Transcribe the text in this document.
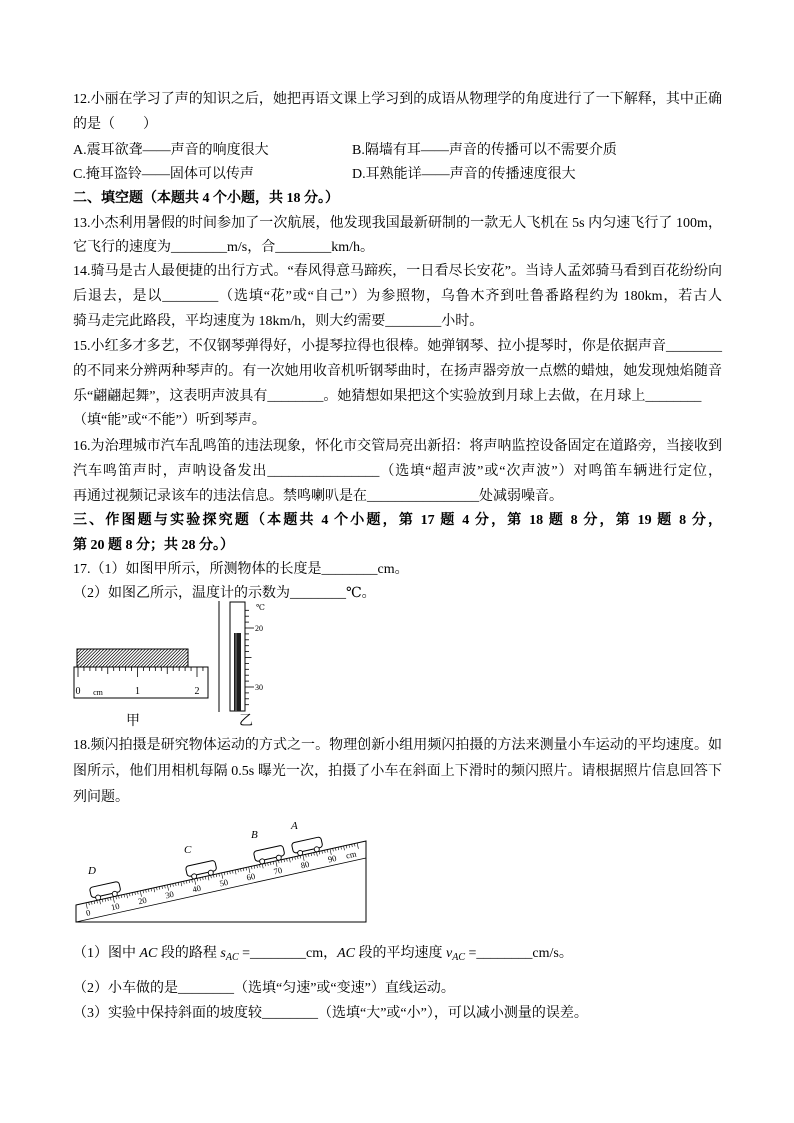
12.小丽在学习了声的知识之后，她把再语文课上学习到的成语从物理学的角度进行了一下解释，其中正确
的是（　　）
A.震耳欲聋——声音的响度很大	B.隔墙有耳——声音的传播可以不需要介质
C.掩耳盗铃——固体可以传声	D.耳熟能详——声音的传播速度很大
二、填空题（本题共 4 个小题，共 18 分。）
13.小杰利用暑假的时间参加了一次航展，他发现我国最新研制的一款无人飞机在 5s 内匀速飞行了 100m，
它飞行的速度为________m/s，合________km/h。
14.骑马是古人最便捷的出行方式。“春风得意马蹄疾，一日看尽长安花”。当诗人孟郊骑马看到百花纷纷向
后退去，是以________（选填“花”或“自己”）为参照物，乌鲁木齐到吐鲁番路程约为 180km，若古人
骑马走完此路段，平均速度为 18km/h，则大约需要________小时。
15.小红多才多艺，不仅钢琴弹得好，小提琴拉得也很棒。她弹钢琴、拉小提琴时，你是依据声音________
的不同来分辨两种琴声的。有一次她用收音机听钢琴曲时，在扬声器旁放一点燃的蜡烛，她发现烛焰随音
乐“翩翩起舞”，这表明声波具有________。她猜想如果把这个实验放到月球上去做，在月球上________
（填“能”或“不能”）听到琴声。
16.为治理城市汽车乱鸣笛的违法现象，怀化市交管局亮出新招：将声呐监控设备固定在道路旁，当接收到
汽车鸣笛声时，声呐设备发出________________（选填“超声波”或“次声波”）对鸣笛车辆进行定位，
再通过视频记录该车的违法信息。禁鸣喇叭是在________________处减弱噪音。
三、作图题与实验探究题（本题共 4 个小题，第 17 题 4 分，第 18 题 8 分，第 19 题 8 分，
第 20 题 8 分；共 28 分。）
17.（1）如图甲所示，所测物体的长度是________cm。
（2）如图乙所示，温度计的示数为________℃。
0 cm	1	2
℃
20
30
甲	乙
18.频闪拍摄是研究物体运动的方式之一。物理创新小组用频闪拍摄的方法来测量小车运动的平均速度。如
图所示，他们用相机每隔 0.5s 曝光一次，拍摄了小车在斜面上下滑时的频闪照片。请根据照片信息回答下
列问题。
0
10
20
30
40
50
60
70
80
90 cm
D
C
B
A
（1）图中 AC 段的路程 $s_{AC}$ =________cm，AC 段的平均速度 $v_{AC}$ =________cm/s。
（2）小车做的是________（选填“匀速”或“变速”）直线运动。
（3）实验中保持斜面的坡度较________（选填“大”或“小”），可以减小测量的误差。
